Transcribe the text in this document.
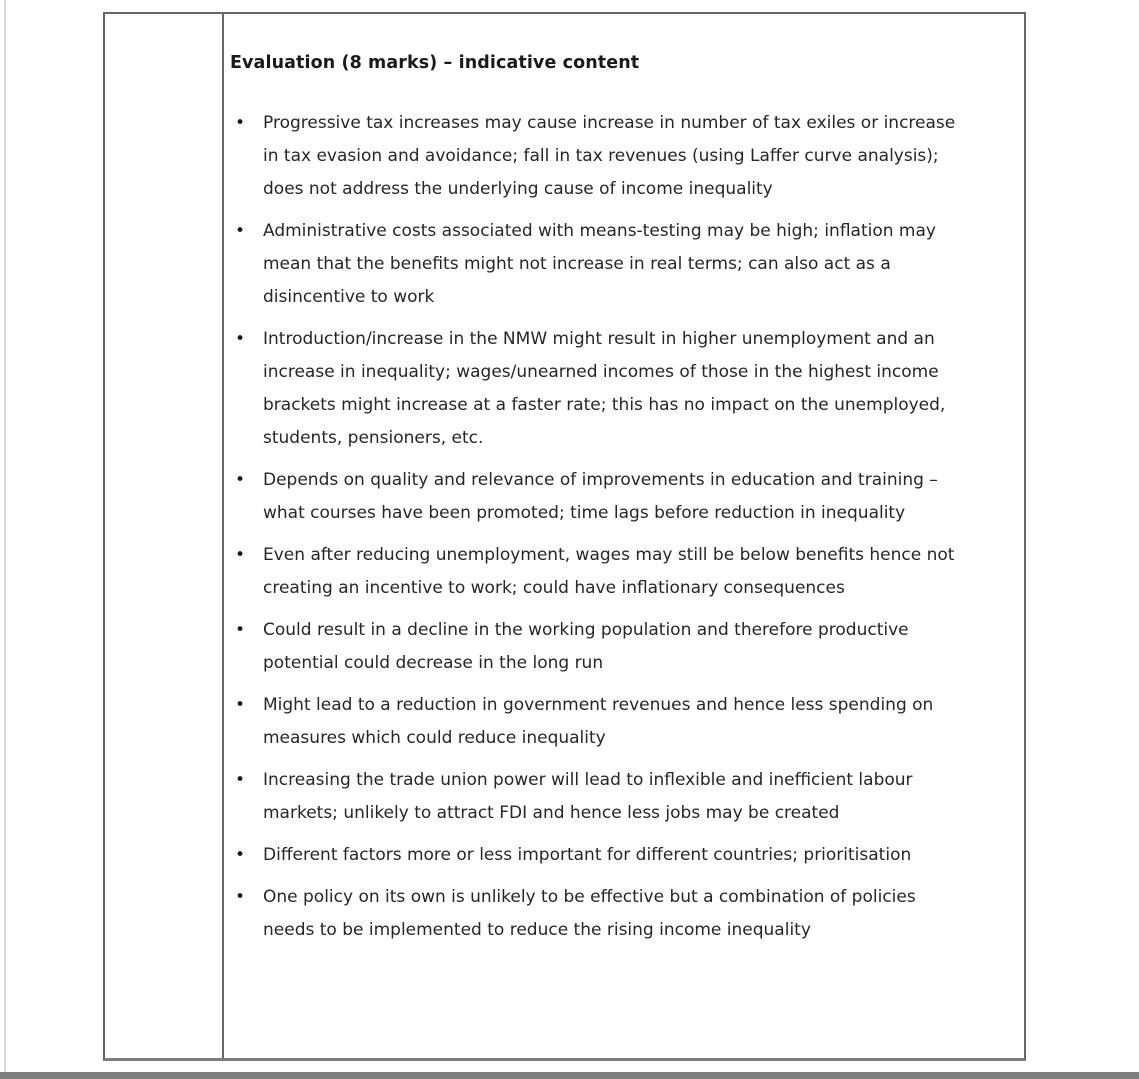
Evaluation (8 marks) – indicative content
• Progressive tax increases may cause increase in number of tax exiles or increase in tax evasion and avoidance; fall in tax revenues (using Laffer curve analysis); does not address the underlying cause of income inequality
• Administrative costs associated with means-testing may be high; inflation may mean that the benefits might not increase in real terms; can also act as a disincentive to work
• Introduction/increase in the NMW might result in higher unemployment and an increase in inequality; wages/unearned incomes of those in the highest income brackets might increase at a faster rate; this has no impact on the unemployed, students, pensioners, etc.
• Depends on quality and relevance of improvements in education and training – what courses have been promoted; time lags before reduction in inequality
• Even after reducing unemployment, wages may still be below benefits hence not creating an incentive to work; could have inflationary consequences
• Could result in a decline in the working population and therefore productive potential could decrease in the long run
• Might lead to a reduction in government revenues and hence less spending on measures which could reduce inequality
• Increasing the trade union power will lead to inflexible and inefficient labour markets; unlikely to attract FDI and hence less jobs may be created
• Different factors more or less important for different countries; prioritisation
• One policy on its own is unlikely to be effective but a combination of policies needs to be implemented to reduce the rising income inequality
